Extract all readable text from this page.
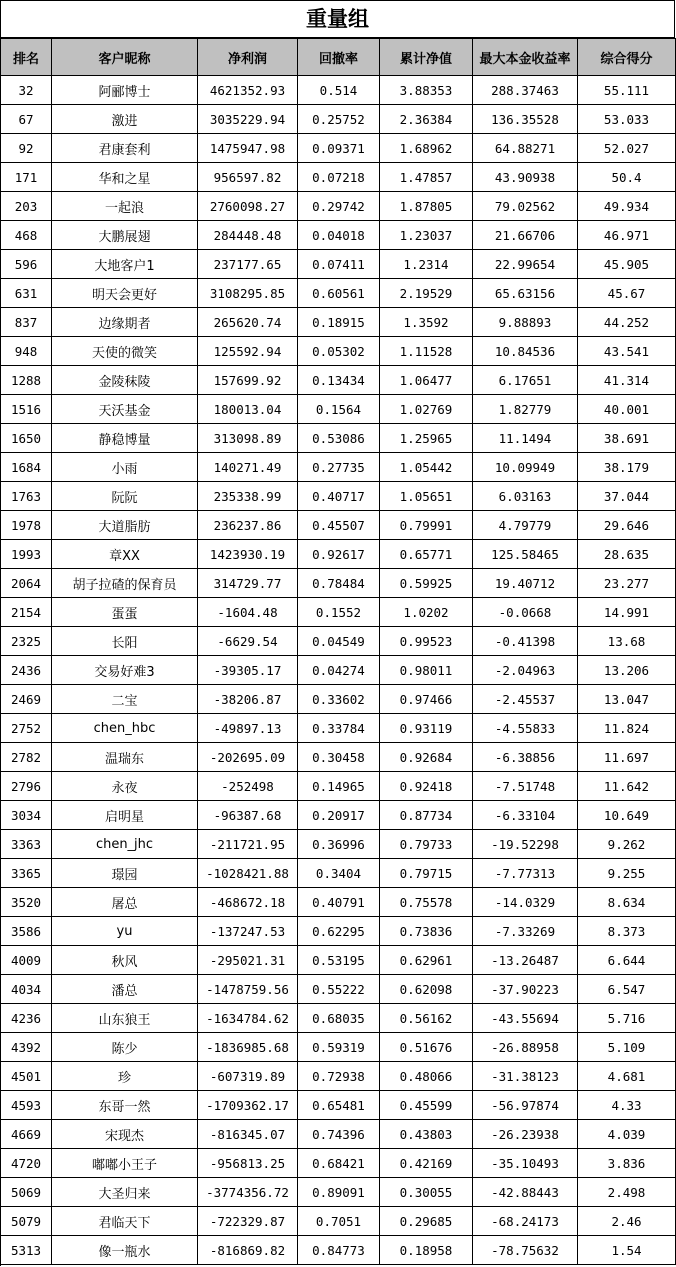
重量组
排名	客户昵称	净利润	回撤率	累计净值	最大本金收益率	综合得分
32	阿郦博士	4621352.93	0.514	3.88353	288.37463	55.111
67	激进	3035229.94	0.25752	2.36384	136.35528	53.033
92	君康套利	1475947.98	0.09371	1.68962	64.88271	52.027
171	华和之星	956597.82	0.07218	1.47857	43.90938	50.4
203	一起浪	2760098.27	0.29742	1.87805	79.02562	49.934
468	大鹏展翅	284448.48	0.04018	1.23037	21.66706	46.971
596	大地客户1	237177.65	0.07411	1.2314	22.99654	45.905
631	明天会更好	3108295.85	0.60561	2.19529	65.63156	45.67
837	边缘期者	265620.74	0.18915	1.3592	9.88893	44.252
948	天使的微笑	125592.94	0.05302	1.11528	10.84536	43.541
1288	金陵秣陵	157699.92	0.13434	1.06477	6.17651	41.314
1516	天沃基金	180013.04	0.1564	1.02769	1.82779	40.001
1650	静稳博量	313098.89	0.53086	1.25965	11.1494	38.691
1684	小雨	140271.49	0.27735	1.05442	10.09949	38.179
1763	阮阮	235338.99	0.40717	1.05651	6.03163	37.044
1978	大道脂肪	236237.86	0.45507	0.79991	4.79779	29.646
1993	章XX	1423930.19	0.92617	0.65771	125.58465	28.635
2064	胡子拉碴的保育员	314729.77	0.78484	0.59925	19.40712	23.277
2154	蛋蛋	-1604.48	0.1552	1.0202	-0.0668	14.991
2325	长阳	-6629.54	0.04549	0.99523	-0.41398	13.68
2436	交易好难3	-39305.17	0.04274	0.98011	-2.04963	13.206
2469	二宝	-38206.87	0.33602	0.97466	-2.45537	13.047
2752	chen_hbc	-49897.13	0.33784	0.93119	-4.55833	11.824
2782	温瑞东	-202695.09	0.30458	0.92684	-6.38856	11.697
2796	永夜	-252498	0.14965	0.92418	-7.51748	11.642
3034	启明星	-96387.68	0.20917	0.87734	-6.33104	10.649
3363	chen_jhc	-211721.95	0.36996	0.79733	-19.52298	9.262
3365	璟园	-1028421.88	0.3404	0.79715	-7.77313	9.255
3520	屠总	-468672.18	0.40791	0.75578	-14.0329	8.634
3586	yu	-137247.53	0.62295	0.73836	-7.33269	8.373
4009	秋风	-295021.31	0.53195	0.62961	-13.26487	6.644
4034	潘总	-1478759.56	0.55222	0.62098	-37.90223	6.547
4236	山东狼王	-1634784.62	0.68035	0.56162	-43.55694	5.716
4392	陈少	-1836985.68	0.59319	0.51676	-26.88958	5.109
4501	珍	-607319.89	0.72938	0.48066	-31.38123	4.681
4593	东哥一然	-1709362.17	0.65481	0.45599	-56.97874	4.33
4669	宋现杰	-816345.07	0.74396	0.43803	-26.23938	4.039
4720	嘟嘟小王子	-956813.25	0.68421	0.42169	-35.10493	3.836
5069	大圣归来	-3774356.72	0.89091	0.30055	-42.88443	2.498
5079	君临天下	-722329.87	0.7051	0.29685	-68.24173	2.46
5313	像一瓶水	-816869.82	0.84773	0.18958	-78.75632	1.54
